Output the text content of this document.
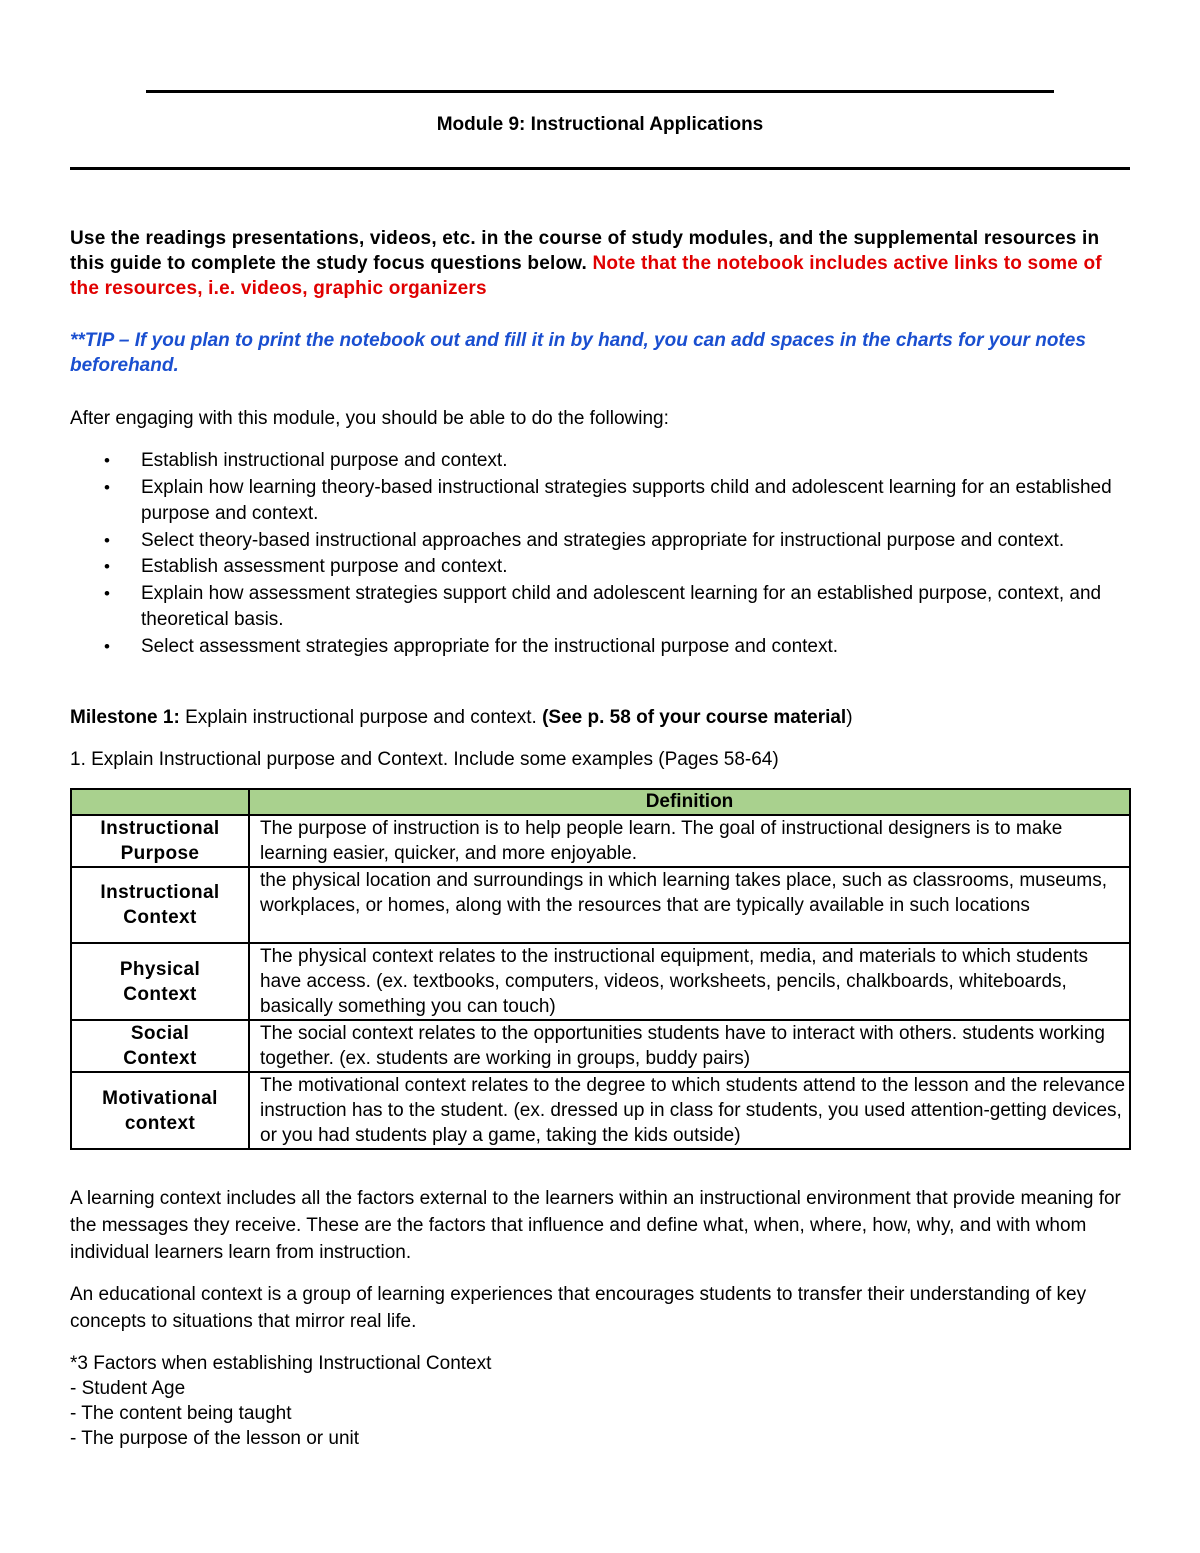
Module 9: Instructional Applications
Use the readings presentations, videos, etc. in the course of study modules, and the supplemental resources in this guide to complete the study focus questions below. Note that the notebook includes active links to some of the resources, i.e. videos, graphic organizers
**TIP – If you plan to print the notebook out and fill it in by hand, you can add spaces in the charts for your notes beforehand.
After engaging with this module, you should be able to do the following:
• Establish instructional purpose and context.
• Explain how learning theory-based instructional strategies supports child and adolescent learning for an established purpose and context.
• Select theory-based instructional approaches and strategies appropriate for instructional purpose and context.
• Establish assessment purpose and context.
• Explain how assessment strategies support child and adolescent learning for an established purpose, context, and theoretical basis.
• Select assessment strategies appropriate for the instructional purpose and context.
Milestone 1: Explain instructional purpose and context. (See p. 58 of your course material)
1. Explain Instructional purpose and Context. Include some examples (Pages 58-64)
	Definition

Instructional
Purpose	The purpose of instruction is to help people learn. The goal of instructional designers is to make learning easier, quicker, and more enjoyable.

Instructional
Context	the physical location and surroundings in which learning takes place, such as classrooms, museums, workplaces, or homes, along with the resources that are typically available in such locations

Physical
Context	The physical context relates to the instructional equipment, media, and materials to which students have access. (ex. textbooks, computers, videos, worksheets, pencils, chalkboards, whiteboards, basically something you can touch)

Social
Context	The social context relates to the opportunities students have to interact with others. students working together. (ex. students are working in groups, buddy pairs)

Motivational
context	The motivational context relates to the degree to which students attend to the lesson and the relevance instruction has to the student. (ex. dressed up in class for students, you used attention-getting devices, or you had students play a game, taking the kids outside)
A learning context includes all the factors external to the learners within an instructional environment that provide meaning for the messages they receive. These are the factors that influence and define what, when, where, how, why, and with whom individual learners learn from instruction.
An educational context is a group of learning experiences that encourages students to transfer their understanding of key concepts to situations that mirror real life.
*3 Factors when establishing Instructional Context
- Student Age
- The content being taught
- The purpose of the lesson or unit
